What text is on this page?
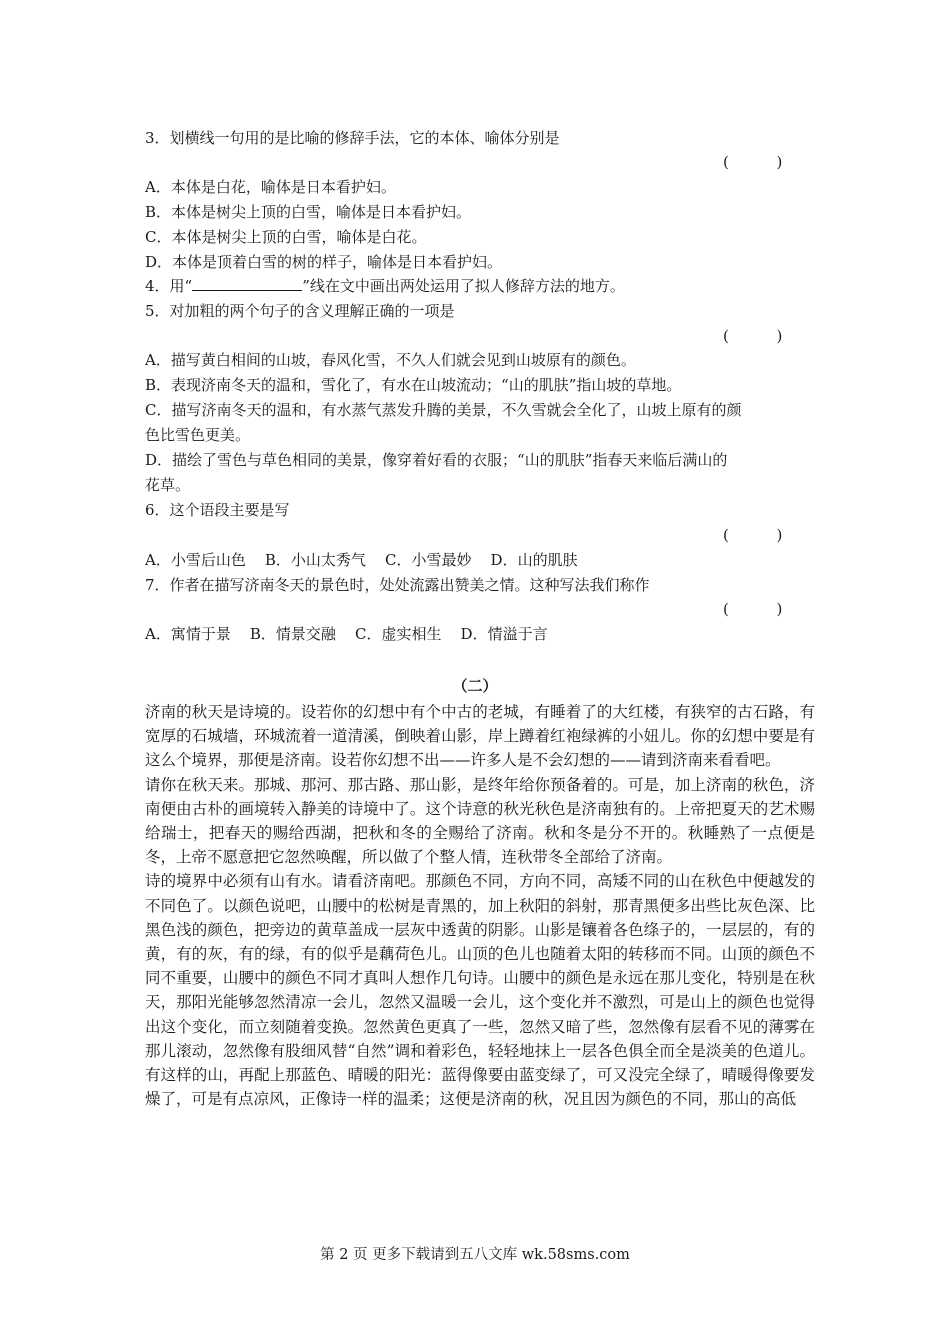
3．划横线一句用的是比喻的修辞手法，它的本体、喻体分别是
(          )
A．本体是白花，喻体是日本看护妇。
B．本体是树尖上顶的白雪，喻体是日本看护妇。
C．本体是树尖上顶的白雪，喻体是白花。
D．本体是顶着白雪的树的样子，喻体是日本看护妇。
4．用“	”线在文中画出两处运用了拟人修辞方法的地方。
5．对加粗的两个句子的含义理解正确的一项是
(          )
A．描写黄白相间的山坡，春风化雪，不久人们就会见到山坡原有的颜色。
B．表现济南冬天的温和，雪化了，有水在山坡流动；“山的肌肤”指山坡的草地。
C．描写济南冬天的温和，有水蒸气蒸发升腾的美景，不久雪就会全化了，山坡上原有的颜
色比雪色更美。
D．描绘了雪色与草色相同的美景，像穿着好看的衣服；“山的肌肤”指春天来临后满山的
花草。
6．这个语段主要是写
(          )
A．小雪后山色    B．小山太秀气    C．小雪最妙    D．山的肌肤
7．作者在描写济南冬天的景色时，处处流露出赞美之情。这种写法我们称作
(          )
A．寓情于景    B．情景交融    C．虚实相生    D．情溢于言
（二）

济南的秋天是诗境的。设若你的幻想中有个中古的老城，有睡着了的大红楼，有狭窄的古石路，有宽厚的石城墙，环城流着一道清溪，倒映着山影，岸上蹲着红袍绿裤的小妞儿。你的幻想中要是有这么个境界，那便是济南。设若你幻想不出——许多人是不会幻想的——请到济南来看看吧。

请你在秋天来。那城、那河、那古路、那山影，是终年给你预备着的。可是，加上济南的秋色，济南便由古朴的画境转入静美的诗境中了。这个诗意的秋光秋色是济南独有的。上帝把夏天的艺术赐给瑞士，把春天的赐给西湖，把秋和冬的全赐给了济南。秋和冬是分不开的。秋睡熟了一点便是冬，上帝不愿意把它忽然唤醒，所以做了个整人情，连秋带冬全部给了济南。

诗的境界中必须有山有水。请看济南吧。那颜色不同，方向不同，高矮不同的山在秋色中便越发的不同色了。以颜色说吧，山腰中的松树是青黑的，加上秋阳的斜射，那青黑便多出些比灰色深、比黑色浅的颜色，把旁边的黄草盖成一层灰中透黄的阴影。山影是镶着各色绦子的，一层层的，有的黄，有的灰，有的绿，有的似乎是藕荷色儿。山顶的色儿也随着太阳的转移而不同。山顶的颜色不同不重要，山腰中的颜色不同才真叫人想作几句诗。山腰中的颜色是永远在那儿变化，特别是在秋天，那阳光能够忽然清凉一会儿，忽然又温暖一会儿，这个变化并不激烈，可是山上的颜色也觉得出这个变化，而立刻随着变换。忽然黄色更真了一些，忽然又暗了些，忽然像有层看不见的薄雾在那儿滚动，忽然像有股细风替“自然”调和着彩色，轻轻地抹上一层各色俱全而全是淡美的色道儿。有这样的山，再配上那蓝色、晴暖的阳光：蓝得像要由蓝变绿了，可又没完全绿了，晴暖得像要发燥了，可是有点凉风，正像诗一样的温柔；这便是济南的秋，况且因为颜色的不同，那山的高低

第 2 页 更多下载请到五八文库 wk.58sms.com
